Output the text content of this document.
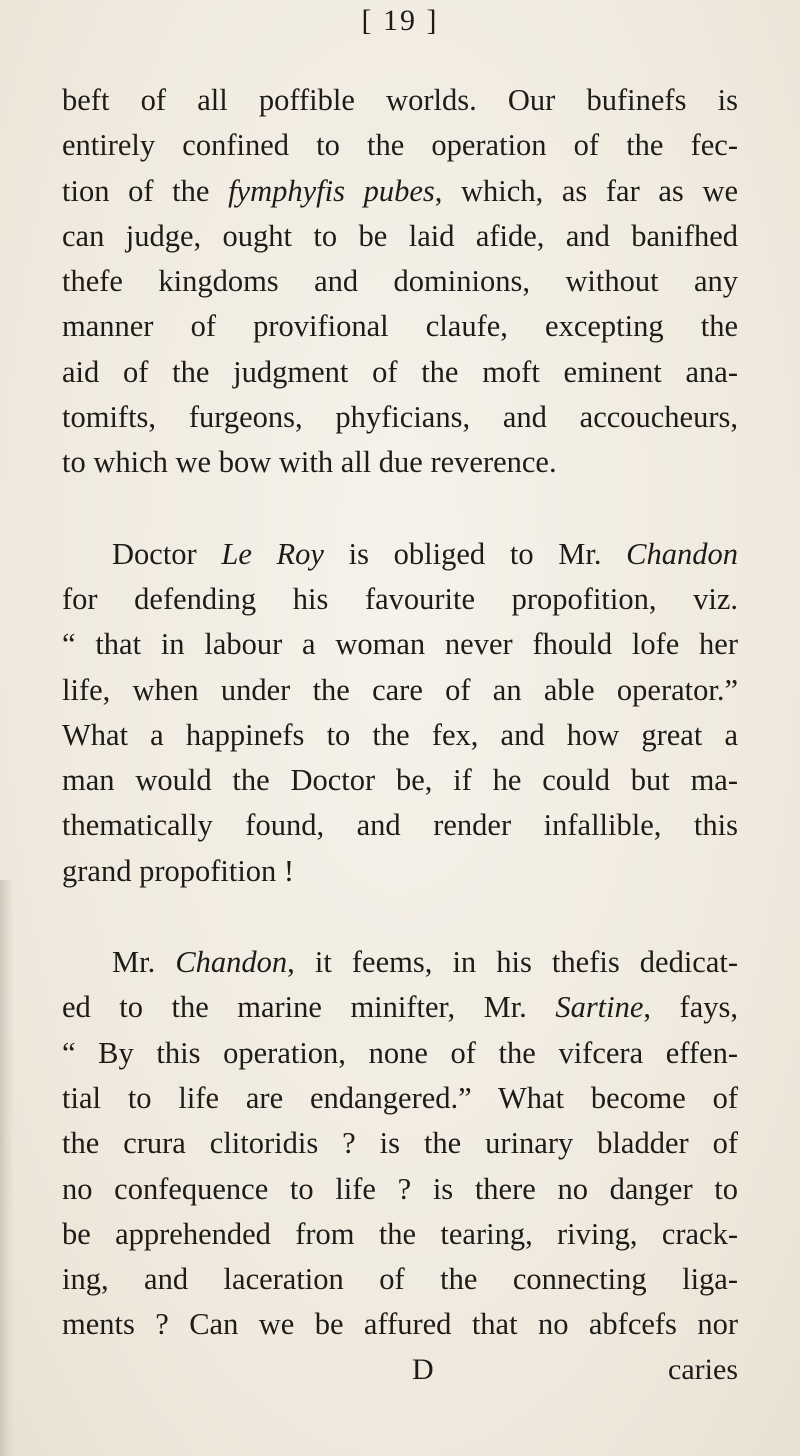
[ 19 ]

beft of all poffible worlds. Our bufinefs is
entirely confined to the operation of the fec-
tion of the fymphyfis pubes, which, as far as we
can judge, ought to be laid afide, and banifhed
thefe kingdoms and dominions, without any
manner of provifional claufe, excepting the
aid of the judgment of the moft eminent ana-
tomifts, furgeons, phyficians, and accoucheurs,
to which we bow with all due reverence.

Doctor Le Roy is obliged to Mr. Chandon
for defending his favourite propofition, viz.
“ that in labour a woman never fhould lofe her
life, when under the care of an able operator.”
What a happinefs to the fex, and how great a
man would the Doctor be, if he could but ma-
thematically found, and render infallible, this
grand propofition !

Mr. Chandon, it feems, in his thefis dedicat-
ed to the marine minifter, Mr. Sartine, fays,
“ By this operation, none of the vifcera effen-
tial to life are endangered.” What become of
the crura clitoridis ? is the urinary bladder of
no confequence to life ? is there no danger to
be apprehended from the tearing, riving, crack-
ing, and laceration of the connecting liga-
ments ? Can we be affured that no abfcefs nor

D	caries
